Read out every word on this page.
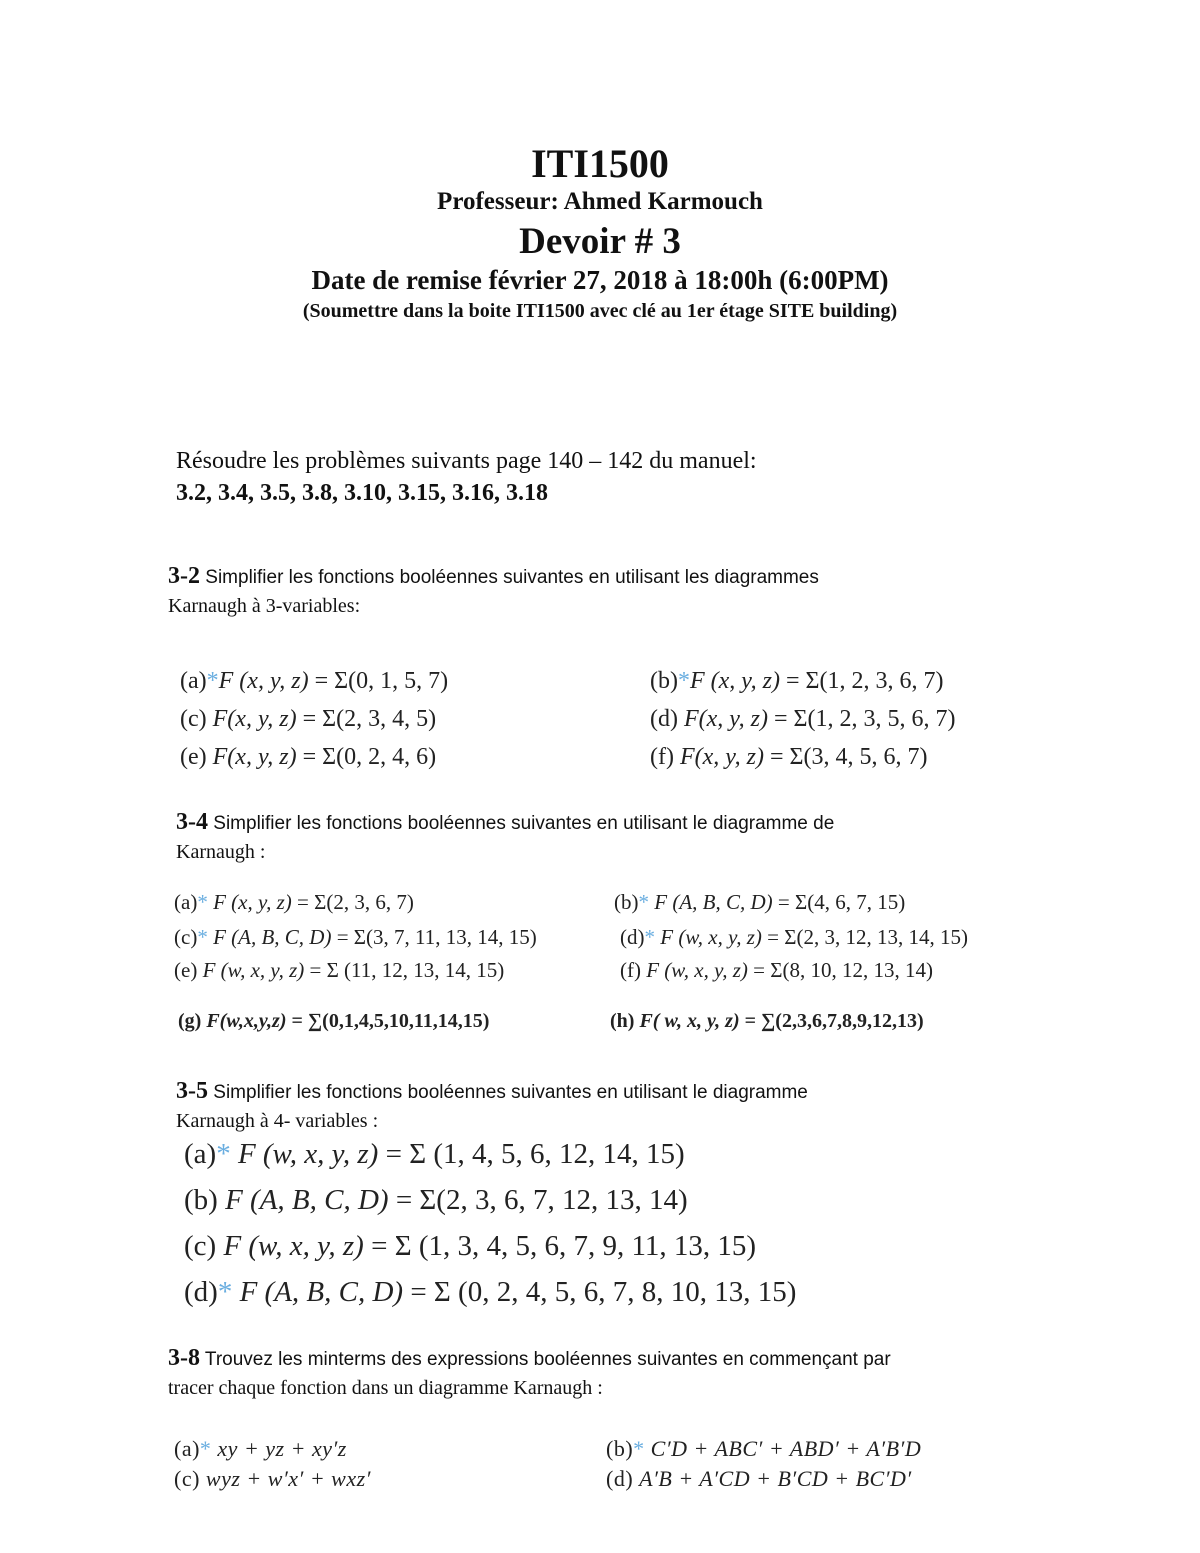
ITI1500
Professeur: Ahmed Karmouch
Devoir # 3
Date de remise février 27, 2018 à 18:00h (6:00PM)
(Soumettre dans la boite ITI1500 avec clé au 1er étage SITE building)
Résoudre les problèmes suivants page 140 – 142 du manuel:
3.2, 3.4, 3.5, 3.8, 3.10, 3.15, 3.16, 3.18
3-2 Simplifier les fonctions booléennes suivantes en utilisant les diagrammes
Karnaugh à 3-variables:
(a)*F (x, y, z) = Σ(0, 1, 5, 7)	(b)*F (x, y, z) = Σ(1, 2, 3, 6, 7)
(c) F(x, y, z) = Σ(2, 3, 4, 5)	(d) F(x, y, z) = Σ(1, 2, 3, 5, 6, 7)
(e) F(x, y, z) = Σ(0, 2, 4, 6)	(f) F(x, y, z) = Σ(3, 4, 5, 6, 7)
3-4 Simplifier les fonctions booléennes suivantes en utilisant le diagramme de
Karnaugh :
(a)* F (x, y, z) = Σ(2, 3, 6, 7)	(b)* F (A, B, C, D) = Σ(4, 6, 7, 15)
(c)* F (A, B, C, D) = Σ(3, 7, 11, 13, 14, 15)	(d)* F (w, x, y, z) = Σ(2, 3, 12, 13, 14, 15)
(e) F (w, x, y, z) = Σ (11, 12, 13, 14, 15)	(f) F (w, x, y, z) = Σ(8, 10, 12, 13, 14)
(g) F(w,x,y,z) = ∑(0,1,4,5,10,11,14,15)	(h) F( w, x, y, z) = ∑(2,3,6,7,8,9,12,13)
3-5 Simplifier les fonctions booléennes suivantes en utilisant le diagramme
Karnaugh à 4- variables :
(a)* F (w, x, y, z) = Σ (1, 4, 5, 6, 12, 14, 15)
(b) F (A, B, C, D) = Σ(2, 3, 6, 7, 12, 13, 14)
(c) F (w, x, y, z) = Σ (1, 3, 4, 5, 6, 7, 9, 11, 13, 15)
(d)* F (A, B, C, D) = Σ (0, 2, 4, 5, 6, 7, 8, 10, 13, 15)
3-8 Trouvez les minterms des expressions booléennes suivantes en commençant par
tracer chaque fonction dans un diagramme Karnaugh :
(a)* xy + yz + xy′z	(b)* C′D + ABC′ + ABD′ + A′B′D
(c) wyz + w′x′ + wxz′	(d) A′B + A′CD + B′CD + BC′D′
